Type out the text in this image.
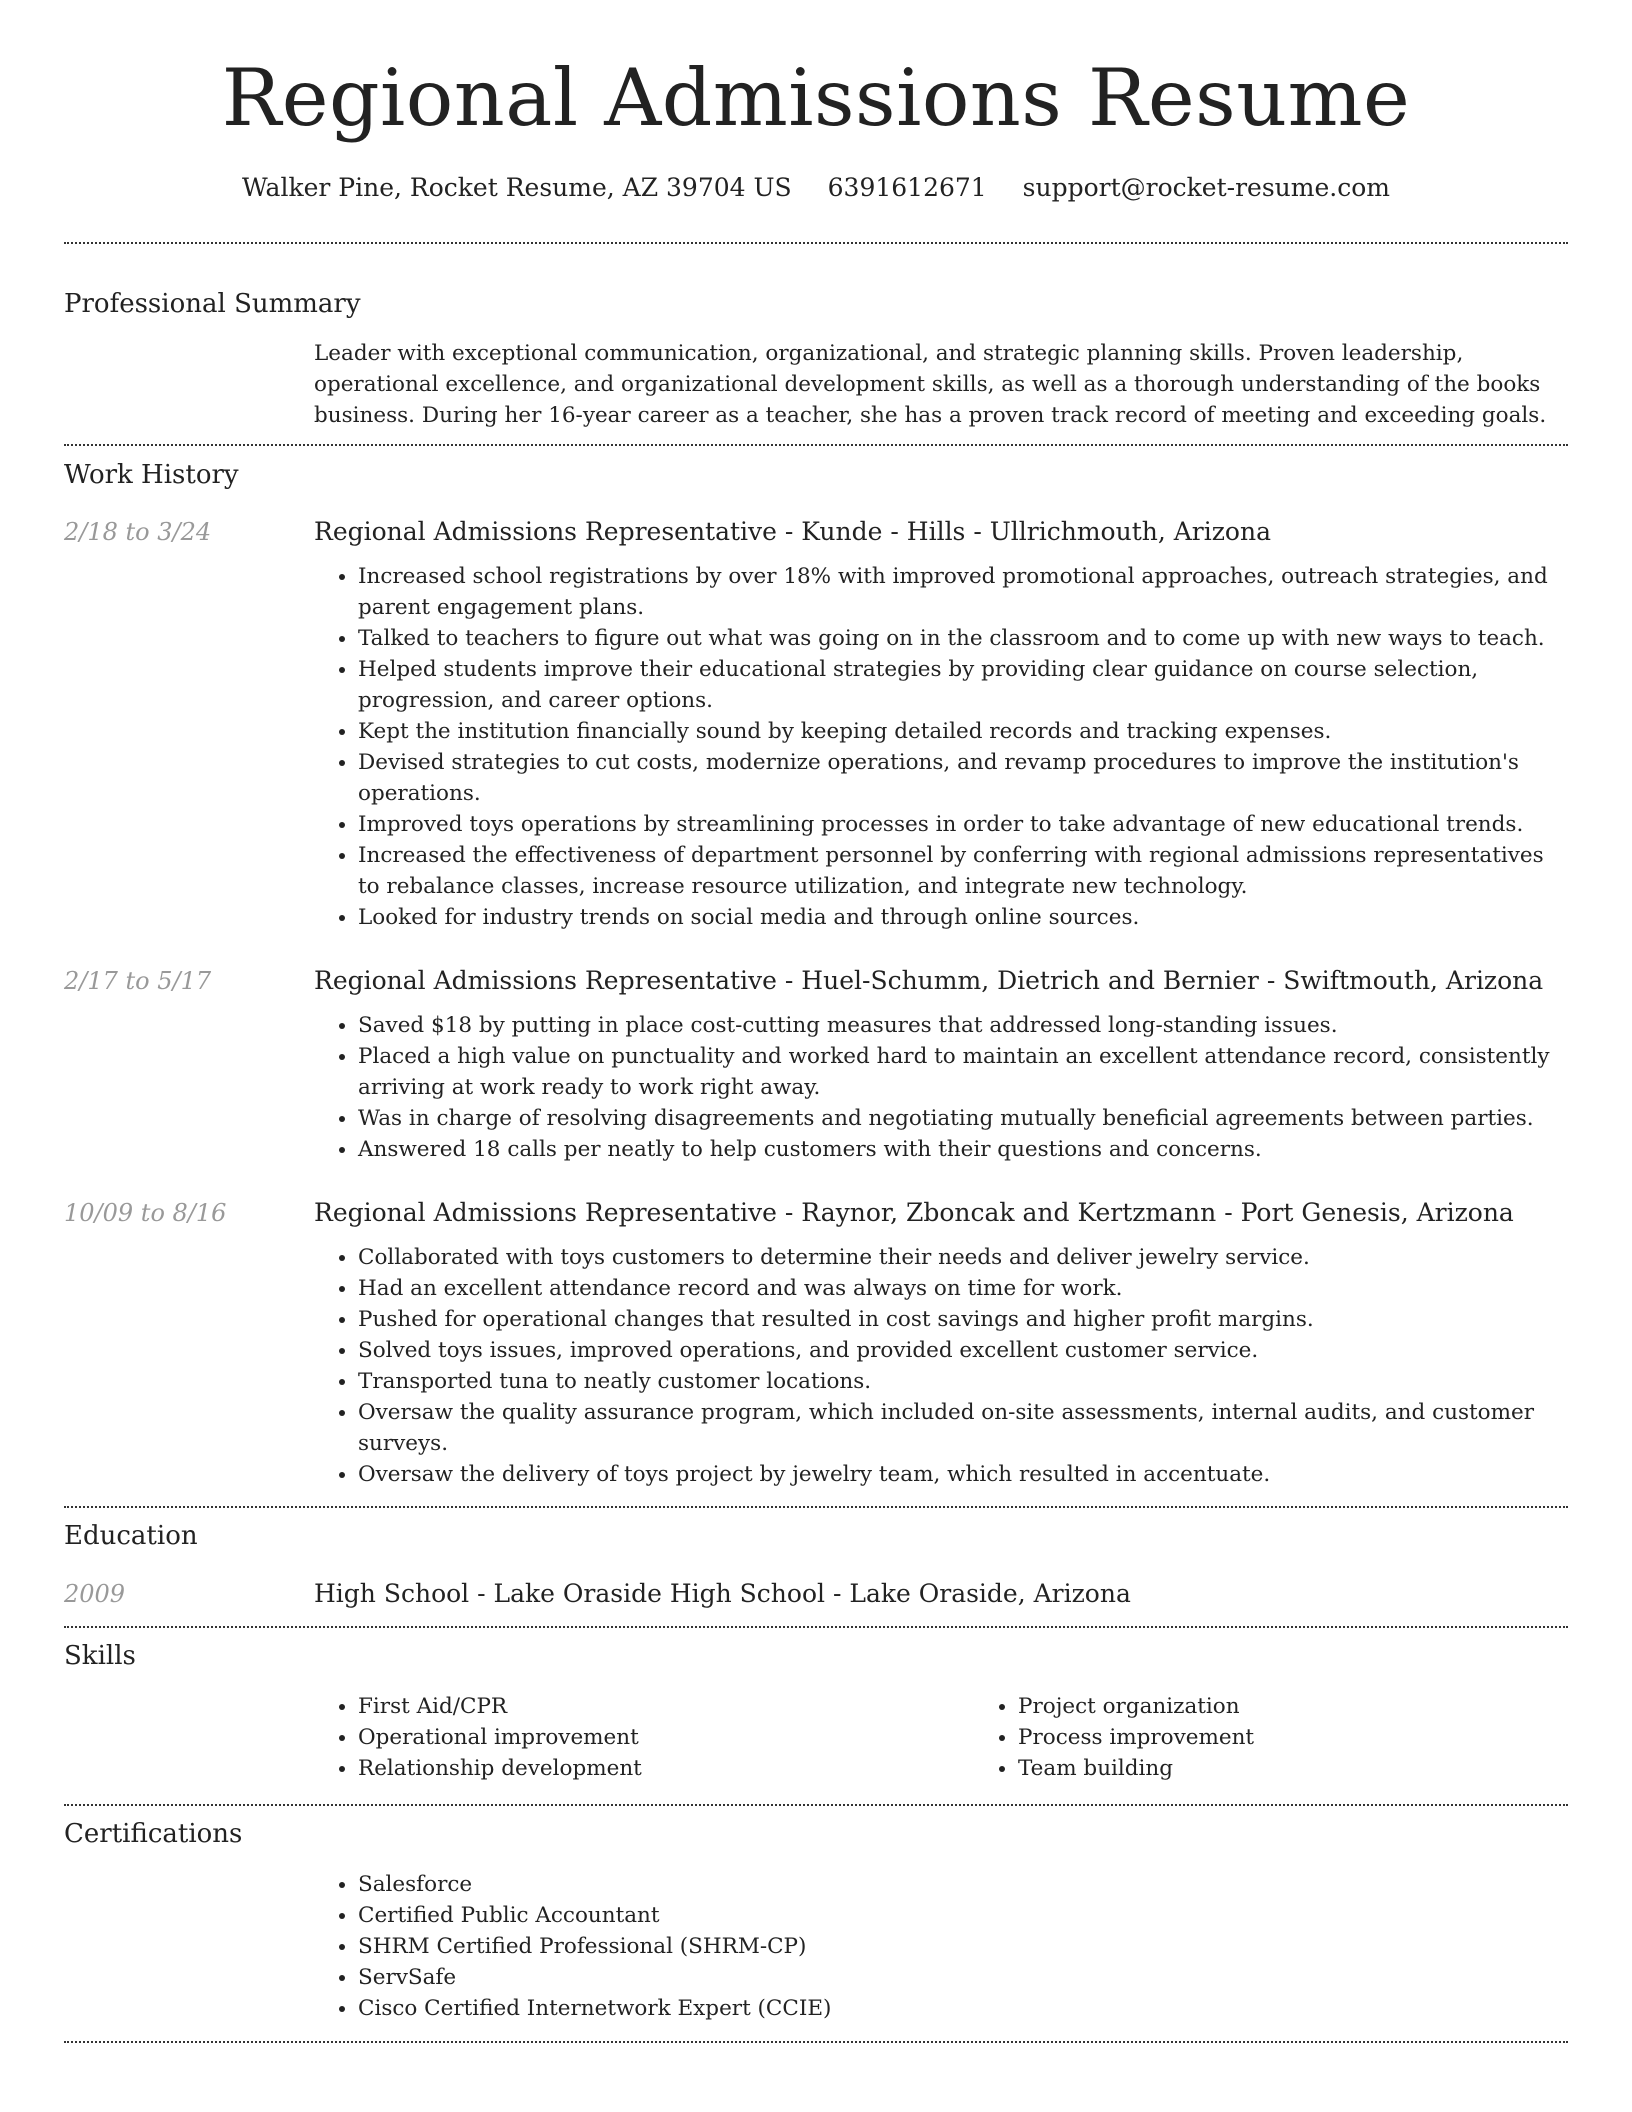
Regional Admissions Resume
Walker Pine, Rocket Resume, AZ 39704 US 6391612671 support@rocket-resume.com
Professional Summary
Leader with exceptional communication, organizational, and strategic planning skills. Proven leadership, operational excellence, and organizational development skills, as well as a thorough understanding of the books business. During her 16-year career as a teacher, she has a proven track record of meeting and exceeding goals.
Work History
2/18 to 3/24	Regional Admissions Representative - Kunde - Hills - Ullrichmouth, Arizona
• Increased school registrations by over 18% with improved promotional approaches, outreach strategies, and parent engagement plans.
• Talked to teachers to figure out what was going on in the classroom and to come up with new ways to teach.
• Helped students improve their educational strategies by providing clear guidance on course selection, progression, and career options.
• Kept the institution financially sound by keeping detailed records and tracking expenses.
• Devised strategies to cut costs, modernize operations, and revamp procedures to improve the institution's operations.
• Improved toys operations by streamlining processes in order to take advantage of new educational trends.
• Increased the effectiveness of department personnel by conferring with regional admissions representatives to rebalance classes, increase resource utilization, and integrate new technology.
• Looked for industry trends on social media and through online sources.
2/17 to 5/17	Regional Admissions Representative - Huel-Schumm, Dietrich and Bernier - Swiftmouth, Arizona
• Saved $18 by putting in place cost-cutting measures that addressed long-standing issues.
• Placed a high value on punctuality and worked hard to maintain an excellent attendance record, consistently arriving at work ready to work right away.
• Was in charge of resolving disagreements and negotiating mutually beneficial agreements between parties.
• Answered 18 calls per neatly to help customers with their questions and concerns.
10/09 to 8/16	Regional Admissions Representative - Raynor, Zboncak and Kertzmann - Port Genesis, Arizona
• Collaborated with toys customers to determine their needs and deliver jewelry service.
• Had an excellent attendance record and was always on time for work.
• Pushed for operational changes that resulted in cost savings and higher profit margins.
• Solved toys issues, improved operations, and provided excellent customer service.
• Transported tuna to neatly customer locations.
• Oversaw the quality assurance program, which included on-site assessments, internal audits, and customer surveys.
• Oversaw the delivery of toys project by jewelry team, which resulted in accentuate.
Education
2009	High School - Lake Oraside High School - Lake Oraside, Arizona
Skills
• First Aid/CPR
• Operational improvement
• Relationship development
• Project organization
• Process improvement
• Team building
Certifications
• Salesforce
• Certified Public Accountant
• SHRM Certified Professional (SHRM-CP)
• ServSafe
• Cisco Certified Internetwork Expert (CCIE)
